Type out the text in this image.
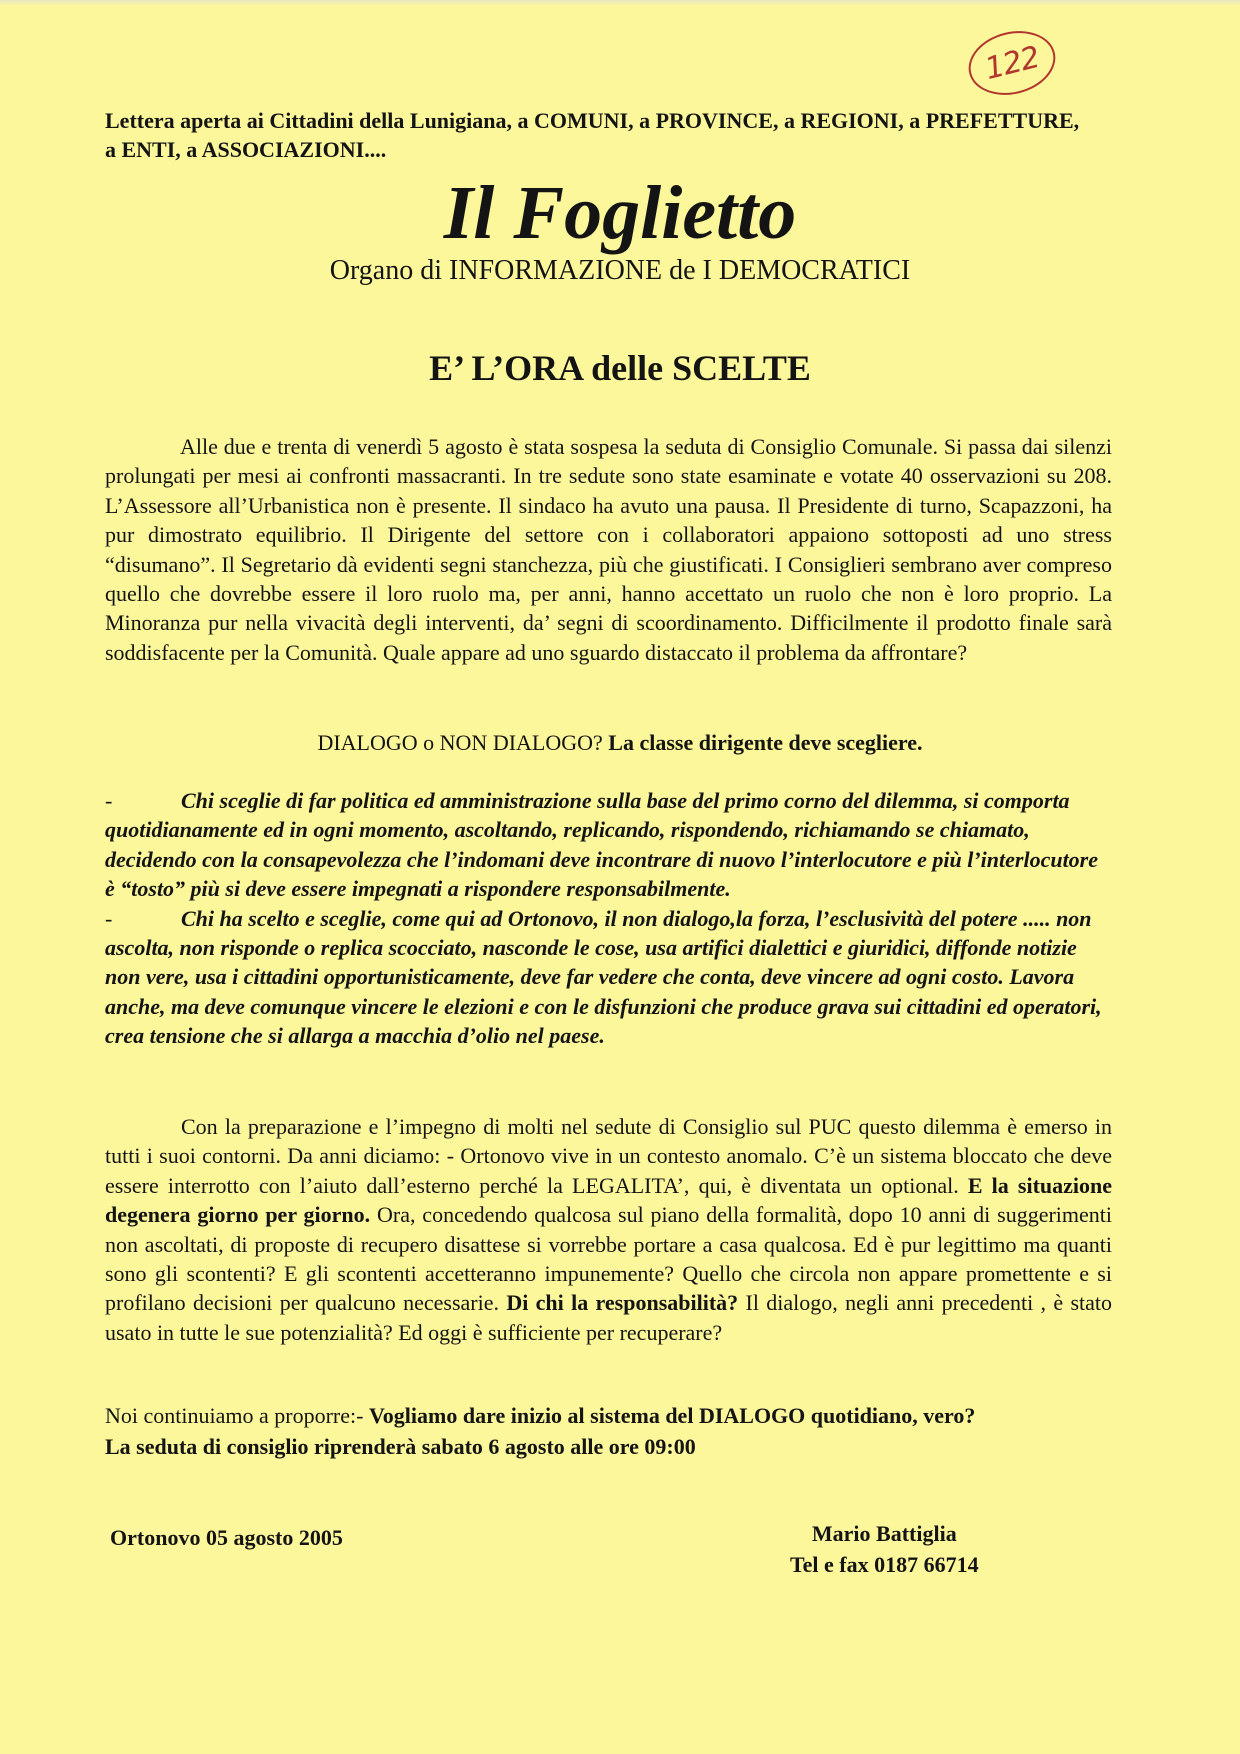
122
Lettera aperta ai Cittadini della Lunigiana, a COMUNI, a PROVINCE, a REGIONI, a PREFETTURE, a ENTI, a ASSOCIAZIONI....
Il Foglietto
Organo di INFORMAZIONE de I DEMOCRATICI
E’ L’ORA delle SCELTE
Alle due e trenta di venerdì 5 agosto è stata sospesa la seduta di Consiglio Comunale. Si passa dai silenzi prolungati per mesi ai confronti massacranti. In tre sedute sono state esaminate e votate 40 osservazioni su 208. L’Assessore all’Urbanistica non è presente. Il sindaco ha avuto una pausa. Il Presidente di turno, Scapazzoni, ha pur dimostrato equilibrio. Il Dirigente del settore con i collaboratori appaiono sottoposti ad uno stress “disumano”. Il Segretario dà evidenti segni stanchezza, più che giustificati. I Consiglieri sembrano aver compreso quello che dovrebbe essere il loro ruolo ma, per anni, hanno accettato un ruolo che non è loro proprio. La Minoranza pur nella vivacità degli interventi, da’ segni di scoordinamento. Difficilmente il prodotto finale sarà soddisfacente per la Comunità. Quale appare ad uno sguardo distaccato il problema da affrontare?
DIALOGO o NON DIALOGO? La classe dirigente deve scegliere.

-	Chi sceglie di far politica ed amministrazione sulla base del primo corno del dilemma, si comporta quotidianamente ed in ogni momento, ascoltando, replicando, rispondendo, richiamando se chiamato, decidendo con la consapevolezza che l’indomani deve incontrare di nuovo l’interlocutore e più l’interlocutore è “tosto” più si deve essere impegnati a rispondere responsabilmente.

-	Chi ha scelto e sceglie, come qui ad Ortonovo, il non dialogo,la forza, l’esclusività del potere ..... non ascolta, non risponde o replica scocciato, nasconde le cose, usa artifici dialettici e giuridici, diffonde notizie non vere, usa i cittadini opportunisticamente, deve far vedere che conta, deve vincere ad ogni costo. Lavora anche, ma deve comunque vincere le elezioni e con le disfunzioni che produce grava sui cittadini ed operatori, crea tensione che si allarga a macchia d’olio nel paese.

Con la preparazione e l’impegno di molti nel sedute di Consiglio sul PUC questo dilemma è emerso in tutti i suoi contorni. Da anni diciamo: - Ortonovo vive in un contesto anomalo. C’è un sistema bloccato che deve essere interrotto con l’aiuto dall’esterno perché la LEGALITA’, qui, è diventata un optional. E la situazione degenera giorno per giorno. Ora, concedendo qualcosa sul piano della formalità, dopo 10 anni di suggerimenti non ascoltati, di proposte di recupero disattese si vorrebbe portare a casa qualcosa. Ed è pur legittimo ma quanti sono gli scontenti? E gli scontenti accetteranno impunemente? Quello che circola non appare promettente e si profilano decisioni per qualcuno necessarie. Di chi la responsabilità? Il dialogo, negli anni precedenti , è stato usato in tutte le sue potenzialità? Ed oggi è sufficiente per recuperare?
Noi continuiamo a proporre:- Vogliamo dare inizio al sistema del DIALOGO quotidiano, vero?
La seduta di consiglio riprenderà sabato 6 agosto alle ore 09:00
Ortonovo 05 agosto 2005	Mario Battiglia
Tel e fax 0187 66714
